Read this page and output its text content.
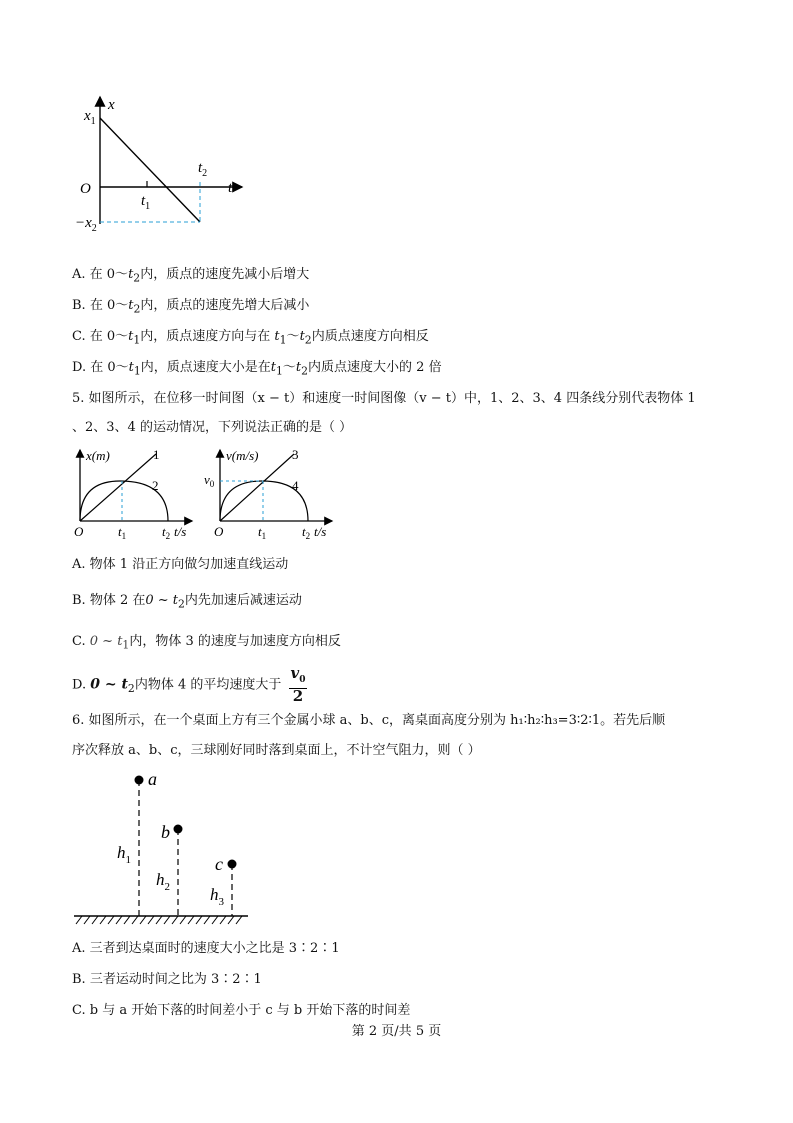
x
t
O
$x_1$
$-x_2$
$t_1$
$t_2$
A. 在 $0\sim t_2$内，质点的速度先减小后增大
B. 在 $0\sim t_2$内，质点的速度先增大后减小
C. 在 $0\sim t_1$内，质点速度方向与在 $t_1\sim t_2$内质点速度方向相反
D. 在 $0\sim t_1$内，质点速度大小是在$t_1\sim t_2$内质点速度大小的 2 倍
5. 如图所示，在位移一时间图（x − t）和速度一时间图像（v − t）中，1、2、3、4 四条线分别代表物体 1
、2、3、4 的运动情况，下列说法正确的是（ ）
x(m)	1
2
O	$t_1$	$t_2$ t/s
v(m/s)	3
4
$v_0$
O	$t_1$	$t_2$ t/s
A. 物体 1 沿正方向做匀加速直线运动
B. 物体 2 在0 ~ $t_2$内先加速后减速运动
C. 0 ~ $t_1$内，物体 3 的速度与加速度方向相反
D. 0 ~ $t_2$内物体 4 的平均速度大于 $\frac{v_0}{2}$
6. 如图所示，在一个桌面上方有三个金属小球 a、b、c，离桌面高度分别为 h₁∶h₂∶h₃=3∶2∶1。若先后顺
序次释放 a、b、c，三球刚好同时落到桌面上，不计空气阻力，则（ ）
a
b
c
$h_1$
$h_2$ $h_3$
A. 三者到达桌面时的速度大小之比是 3∶2∶1
B. 三者运动时间之比为 3∶2∶1
C. b 与 a 开始下落的时间差小于 c 与 b 开始下落的时间差
第 2 页/共 5 页
